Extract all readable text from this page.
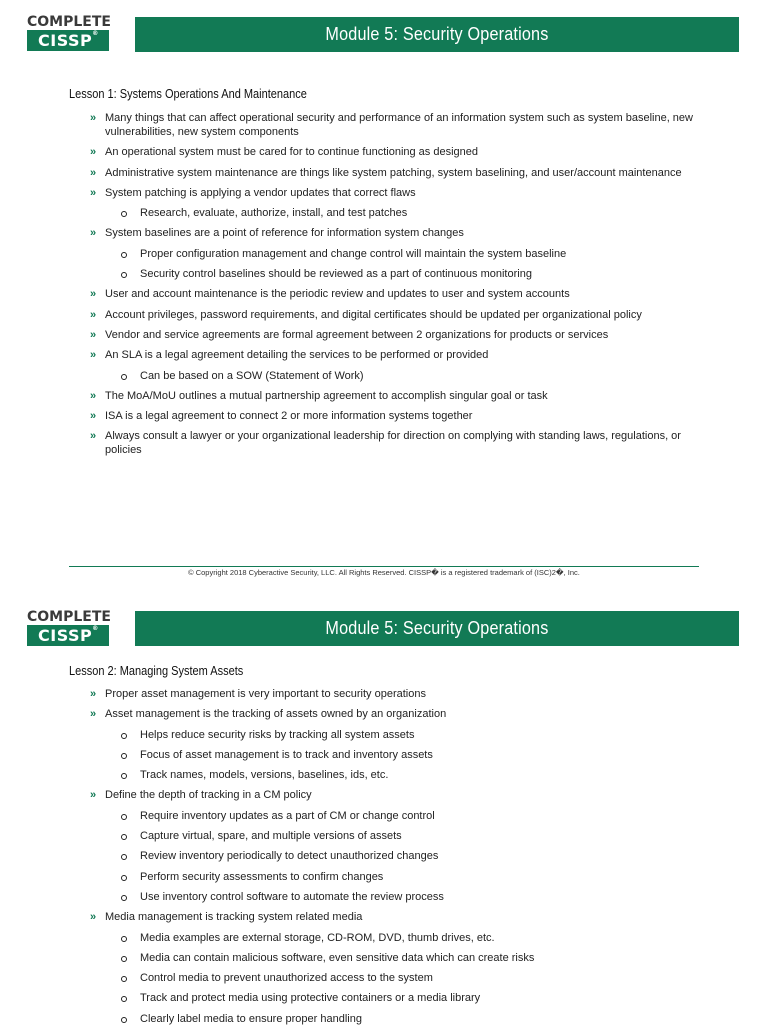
COMPLETE
CISSP®	Module 5: Security Operations
Lesson 1: Systems Operations And Maintenance
» Many things that can affect operational security and performance of an information system such as system baseline, new vulnerabilities, new system components
» An operational system must be cared for to continue functioning as designed
» Administrative system maintenance are things like system patching, system baselining, and user/account maintenance
» System patching is applying a vendor updates that correct flaws
Research, evaluate, authorize, install, and test patches
» System baselines are a point of reference for information system changes
Proper configuration management and change control will maintain the system baseline
Security control baselines should be reviewed as a part of continuous monitoring
» User and account maintenance is the periodic review and updates to user and system accounts
» Account privileges, password requirements, and digital certificates should be updated per organizational policy
» Vendor and service agreements are formal agreement between 2 organizations for products or services
» An SLA is a legal agreement detailing the services to be performed or provided
Can be based on a SOW (Statement of Work)
» The MoA/MoU outlines a mutual partnership agreement to accomplish singular goal or task
» ISA is a legal agreement to connect 2 or more information systems together
» Always consult a lawyer or your organizational leadership for direction on complying with standing laws, regulations, or policies
© Copyright 2018 Cyberactive Security, LLC. All Rights Reserved. CISSP� is a registered trademark of (ISC)2�, Inc.
COMPLETE
CISSP®	Module 5: Security Operations
Lesson 2: Managing System Assets
» Proper asset management is very important to security operations
» Asset management is the tracking of assets owned by an organization
Helps reduce security risks by tracking all system assets
Focus of asset management is to track and inventory assets
Track names, models, versions, baselines, ids, etc.
» Define the depth of tracking in a CM policy
Require inventory updates as a part of CM or change control
Capture virtual, spare, and multiple versions of assets
Review inventory periodically to detect unauthorized changes
Perform security assessments to confirm changes
Use inventory control software to automate the review process
» Media management is tracking system related media
Media examples are external storage, CD-ROM, DVD, thumb drives, etc.
Media can contain malicious software, even sensitive data which can create risks
Control media to prevent unauthorized access to the system
Track and protect media using protective containers or a media library
Clearly label media to ensure proper handling
